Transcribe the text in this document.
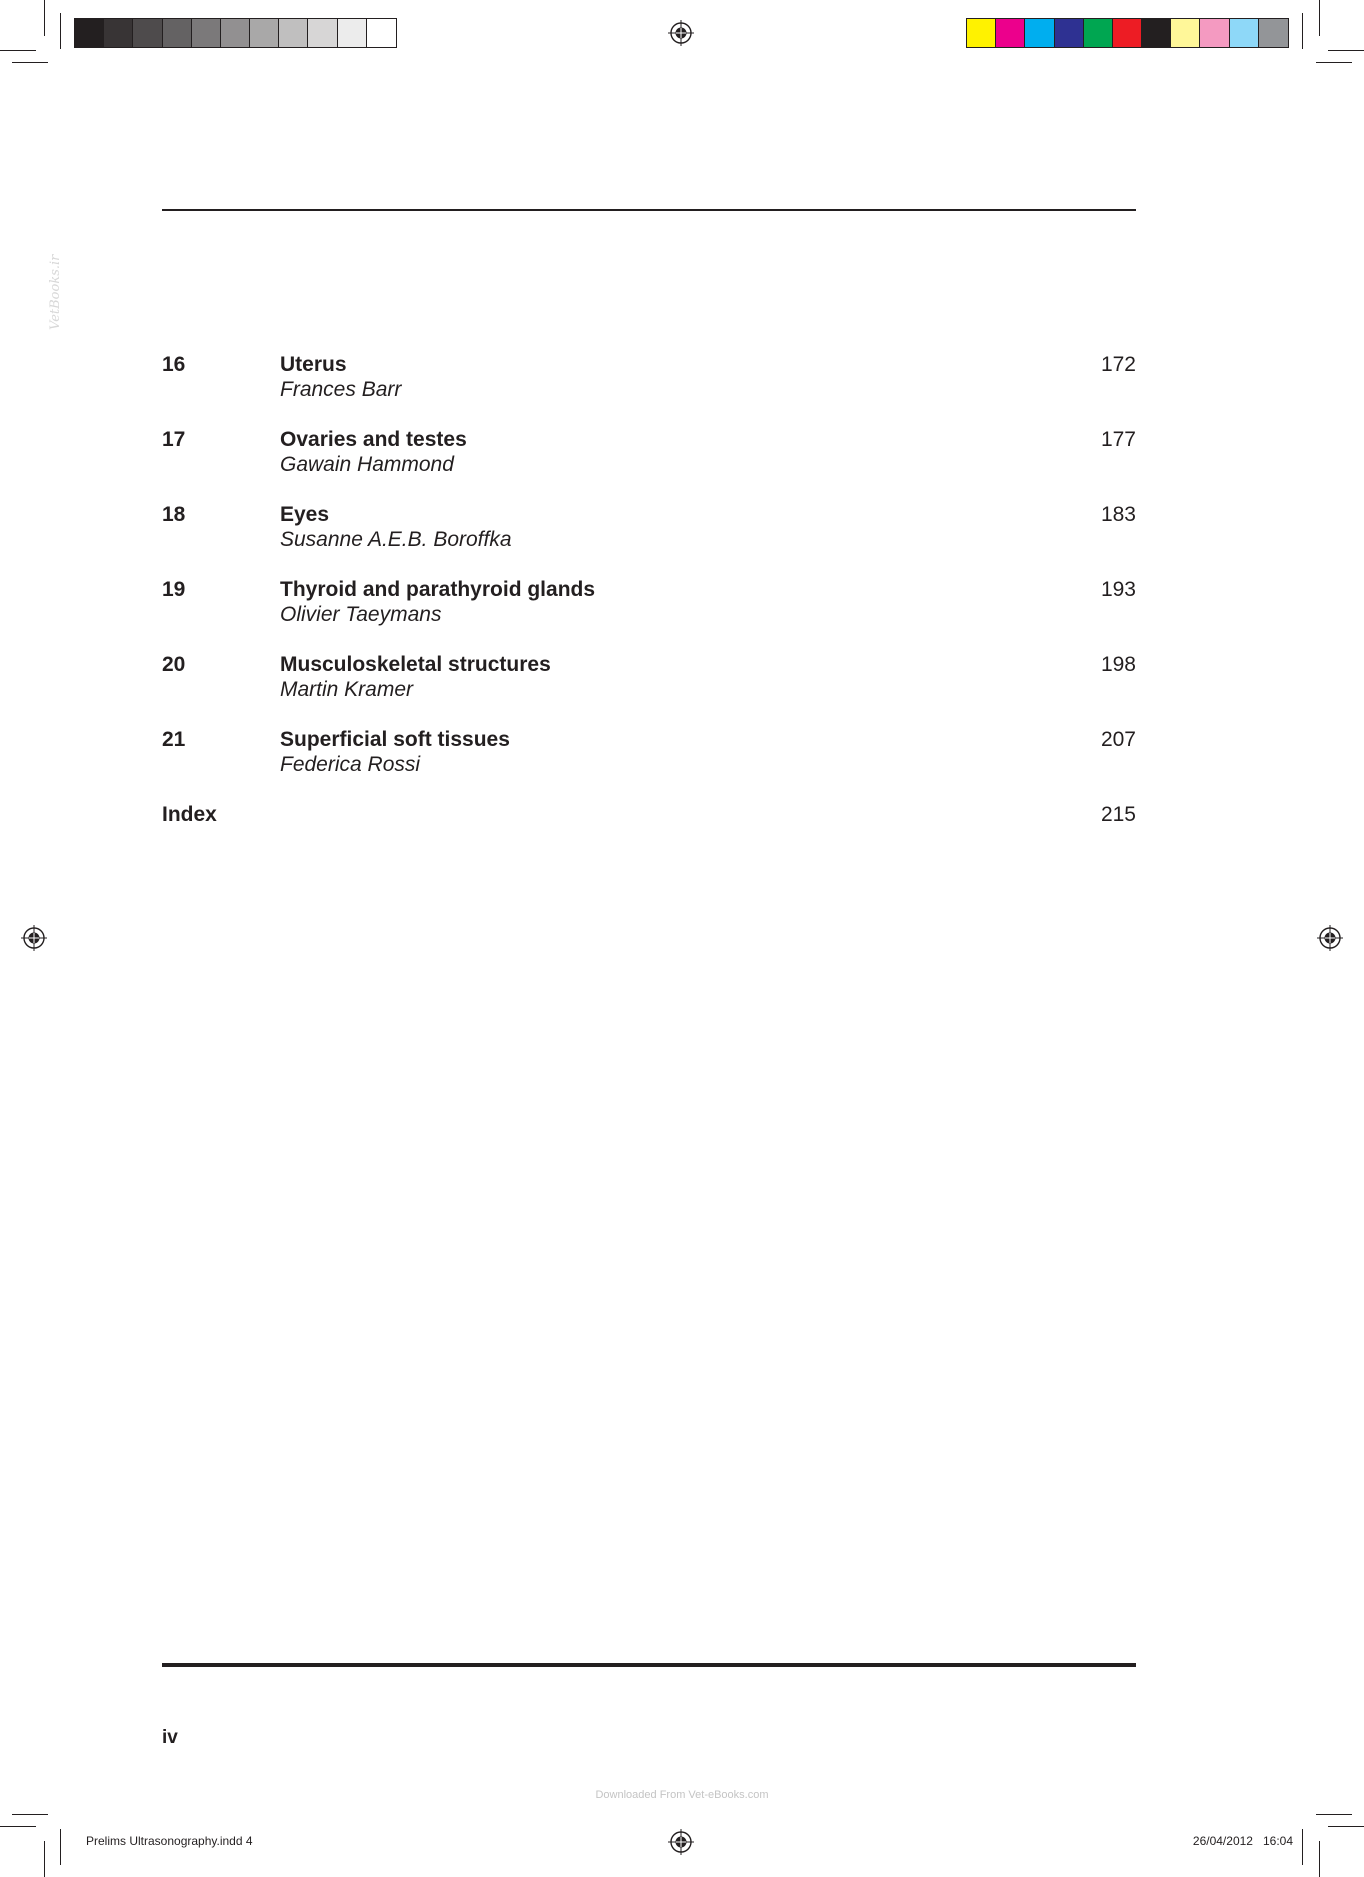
VetBooks.ir
16	Uterus
Frances Barr
172
17	Ovaries and testes
Gawain Hammond
177
18	Eyes
Susanne A.E.B. Boroffka
183
19	Thyroid and parathyroid glands
Olivier Taeymans
193
20	Musculoskeletal structures
Martin Kramer
198
21	Superficial soft tissues
Federica Rossi
207
Index	215
iv
Downloaded From Vet-eBooks.com
Prelims Ultrasonography.indd 4	26/04/2012   16:04
